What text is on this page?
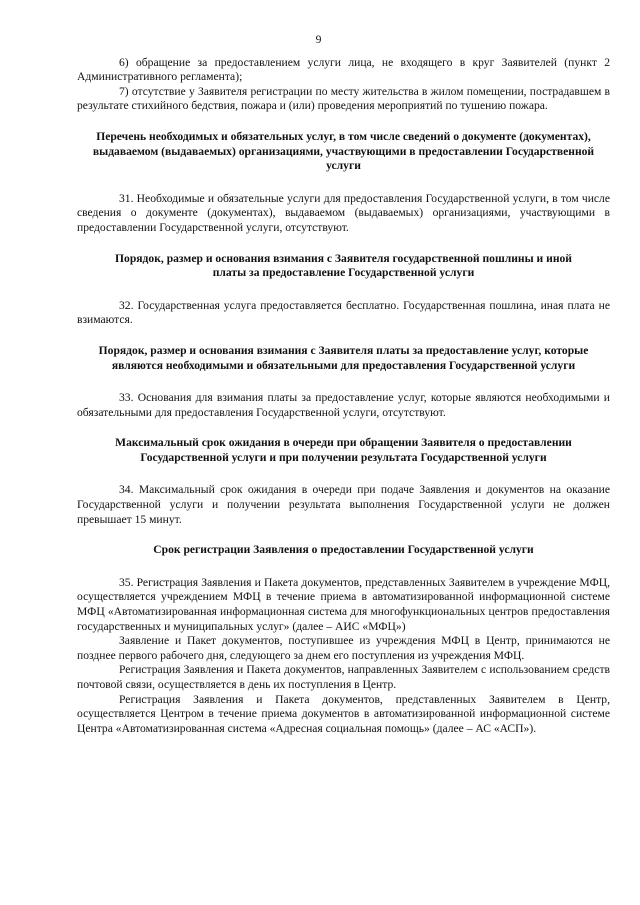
9

6) обращение за предоставлением услуги лица, не входящего в круг Заявителей (пункт 2 Административного регламента);

7) отсутствие у Заявителя регистрации по месту жительства в жилом помещении, пострадавшем в результате стихийного бедствия, пожара и (или) проведения мероприятий по тушению пожара.

Перечень необходимых и обязательных услуг, в том числе сведений о документе (документах), выдаваемом (выдаваемых) организациями, участвующими в предоставлении Государственной услуги

31. Необходимые и обязательные услуги для предоставления Государственной услуги, в том числе сведения о документе (документах), выдаваемом (выдаваемых) организациями, участвующими в предоставлении Государственной услуги, отсутствуют.

Порядок, размер и основания взимания с Заявителя государственной пошлины и иной платы за предоставление Государственной услуги

32. Государственная услуга предоставляется бесплатно. Государственная пошлина, иная плата не взимаются.

Порядок, размер и основания взимания с Заявителя платы за предоставление услуг, которые являются необходимыми и обязательными для предоставления Государственной услуги

33. Основания для взимания платы за предоставление услуг, которые являются необходимыми и обязательными для предоставления Государственной услуги, отсутствуют.

Максимальный срок ожидания в очереди при обращении Заявителя о предоставлении Государственной услуги и при получении результата Государственной услуги

34. Максимальный срок ожидания в очереди при подаче Заявления и документов на оказание Государственной услуги и получении результата выполнения Государственной услуги не должен превышает 15 минут.

Срок регистрации Заявления о предоставлении Государственной услуги

35. Регистрация Заявления и Пакета документов, представленных Заявителем в учреждение МФЦ, осуществляется учреждением МФЦ в течение приема в автоматизированной информационной системе МФЦ «Автоматизированная информационная система для многофункциональных центров предоставления государственных и муниципальных услуг» (далее – АИС «МФЦ»)

Заявление и Пакет документов, поступившее из учреждения МФЦ в Центр, принимаются не позднее первого рабочего дня, следующего за днем его поступления из учреждения МФЦ.

Регистрация Заявления и Пакета документов, направленных Заявителем с использованием средств почтовой связи, осуществляется в день их поступления в Центр.

Регистрация Заявления и Пакета документов, представленных Заявителем в Центр, осуществляется Центром в течение приема документов в автоматизированной информационной системе Центра «Автоматизированная система «Адресная социальная помощь» (далее – АС «АСП»).
